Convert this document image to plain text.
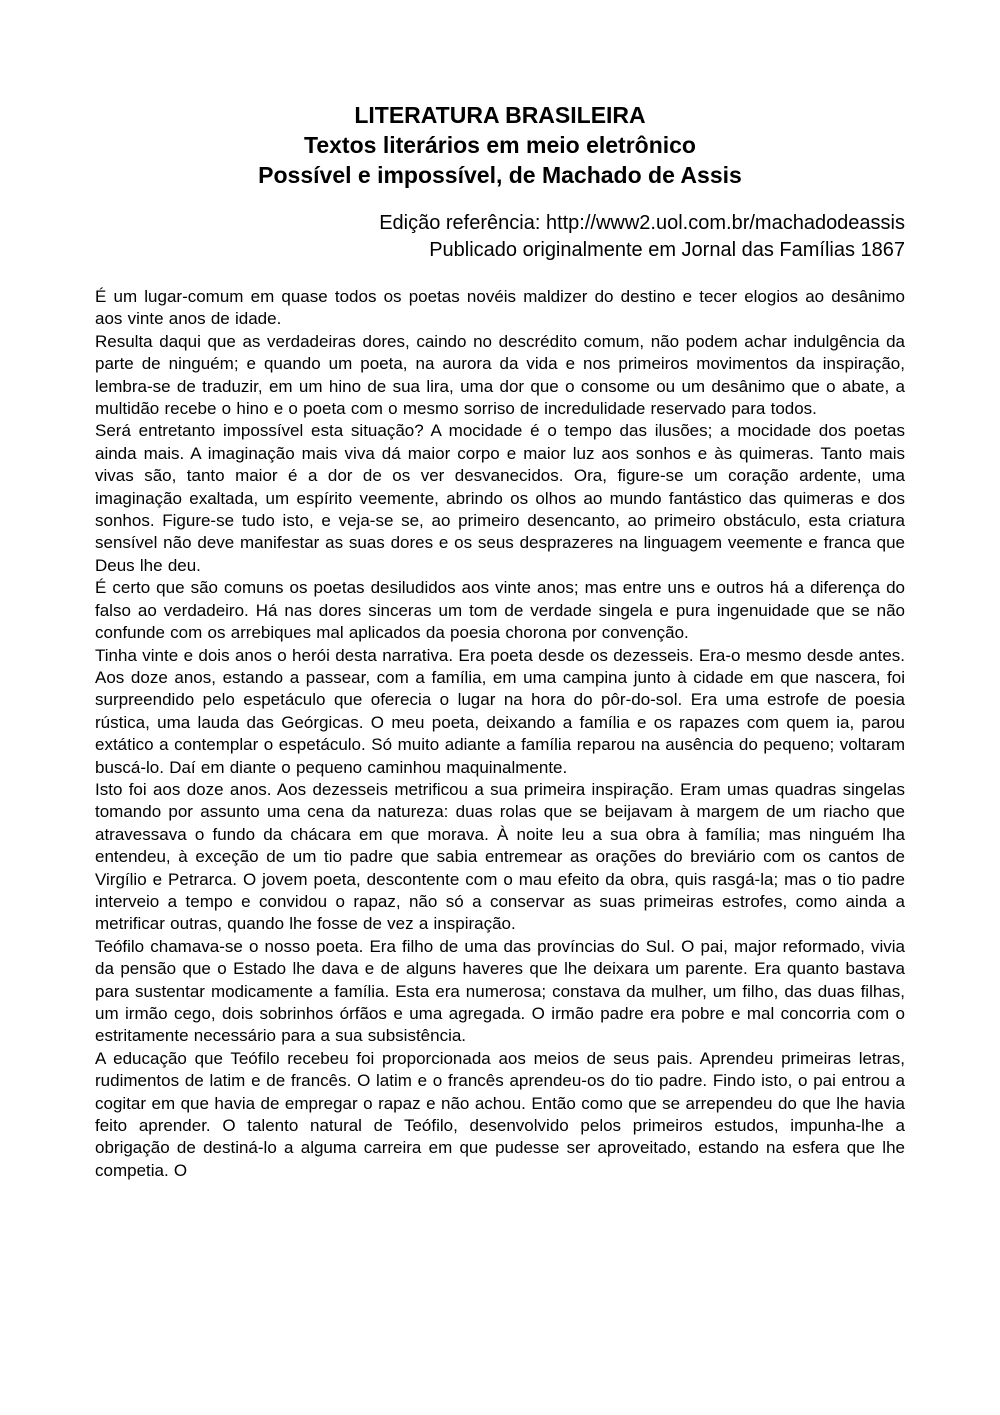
LITERATURA BRASILEIRA
Textos literários em meio eletrônico
Possível e impossível, de Machado de Assis
Edição referência: http://www2.uol.com.br/machadodeassis
Publicado originalmente em Jornal das Famílias 1867

É um lugar-comum em quase todos os poetas novéis maldizer do destino e tecer elogios ao desânimo aos vinte anos de idade.

Resulta daqui que as verdadeiras dores, caindo no descrédito comum, não podem achar indulgência da parte de ninguém; e quando um poeta, na aurora da vida e nos primeiros movimentos da inspiração, lembra-se de traduzir, em um hino de sua lira, uma dor que o consome ou um desânimo que o abate, a multidão recebe o hino e o poeta com o mesmo sorriso de incredulidade reservado para todos.

Será entretanto impossível esta situação? A mocidade é o tempo das ilusões; a mocidade dos poetas ainda mais. A imaginação mais viva dá maior corpo e maior luz aos sonhos e às quimeras. Tanto mais vivas são, tanto maior é a dor de os ver desvanecidos. Ora, figure-se um coração ardente, uma imaginação exaltada, um espírito veemente, abrindo os olhos ao mundo fantástico das quimeras e dos sonhos. Figure-se tudo isto, e veja-se se, ao primeiro desencanto, ao primeiro obstáculo, esta criatura sensível não deve manifestar as suas dores e os seus desprazeres na linguagem veemente e franca que Deus lhe deu.

É certo que são comuns os poetas desiludidos aos vinte anos; mas entre uns e outros há a diferença do falso ao verdadeiro. Há nas dores sinceras um tom de verdade singela e pura ingenuidade que se não confunde com os arrebiques mal aplicados da poesia chorona por convenção.

Tinha vinte e dois anos o herói desta narrativa. Era poeta desde os dezesseis. Era-o mesmo desde antes. Aos doze anos, estando a passear, com a família, em uma campina junto à cidade em que nascera, foi surpreendido pelo espetáculo que oferecia o lugar na hora do pôr-do-sol. Era uma estrofe de poesia rústica, uma lauda das Geórgicas. O meu poeta, deixando a família e os rapazes com quem ia, parou extático a contemplar o espetáculo. Só muito adiante a família reparou na ausência do pequeno; voltaram buscá-lo. Daí em diante o pequeno caminhou maquinalmente.

Isto foi aos doze anos. Aos dezesseis metrificou a sua primeira inspiração. Eram umas quadras singelas tomando por assunto uma cena da natureza: duas rolas que se beijavam à margem de um riacho que atravessava o fundo da chácara em que morava. À noite leu a sua obra à família; mas ninguém lha entendeu, à exceção de um tio padre que sabia entremear as orações do breviário com os cantos de Virgílio e Petrarca. O jovem poeta, descontente com o mau efeito da obra, quis rasgá-la; mas o tio padre interveio a tempo e convidou o rapaz, não só a conservar as suas primeiras estrofes, como ainda a metrificar outras, quando lhe fosse de vez a inspiração.

Teófilo chamava-se o nosso poeta. Era filho de uma das províncias do Sul. O pai, major reformado, vivia da pensão que o Estado lhe dava e de alguns haveres que lhe deixara um parente. Era quanto bastava para sustentar modicamente a família. Esta era numerosa; constava da mulher, um filho, das duas filhas, um irmão cego, dois sobrinhos órfãos e uma agregada. O irmão padre era pobre e mal concorria com o estritamente necessário para a sua subsistência.

A educação que Teófilo recebeu foi proporcionada aos meios de seus pais. Aprendeu primeiras letras, rudimentos de latim e de francês. O latim e o francês aprendeu-os do tio padre. Findo isto, o pai entrou a cogitar em que havia de empregar o rapaz e não achou. Então como que se arrependeu do que lhe havia feito aprender. O talento natural de Teófilo, desenvolvido pelos primeiros estudos, impunha-lhe a obrigação de destiná-lo a alguma carreira em que pudesse ser aproveitado, estando na esfera que lhe competia. O
